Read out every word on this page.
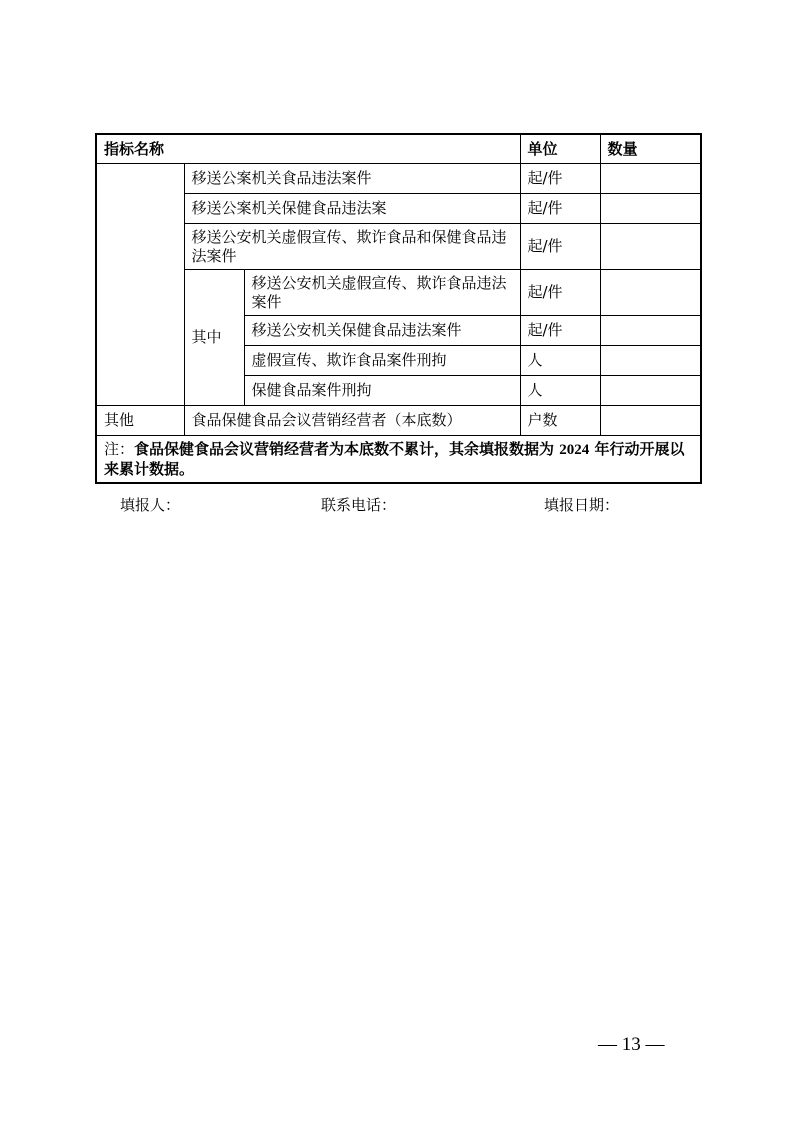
指标名称			单位	数量
	移送公案机关食品违法案件		起/件	
	移送公案机关保健食品违法案		起/件	
	移送公安机关虚假宣传、欺诈食品和保健食品违法案件		起/件	
	其中	移送公安机关虚假宣传、欺诈食品违法案件	起/件	
		移送公安机关保健食品违法案件	起/件	
		虚假宣传、欺诈食品案件刑拘	人	
		保健食品案件刑拘	人	
其他	食品保健食品会议营销经营者（本底数）		户数	
注：食品保健食品会议营销经营者为本底数不累计，其余填报数据为 2024 年行动开展以来累计数据。				
填报人：	联系电话：	填报日期：
— 13 —
